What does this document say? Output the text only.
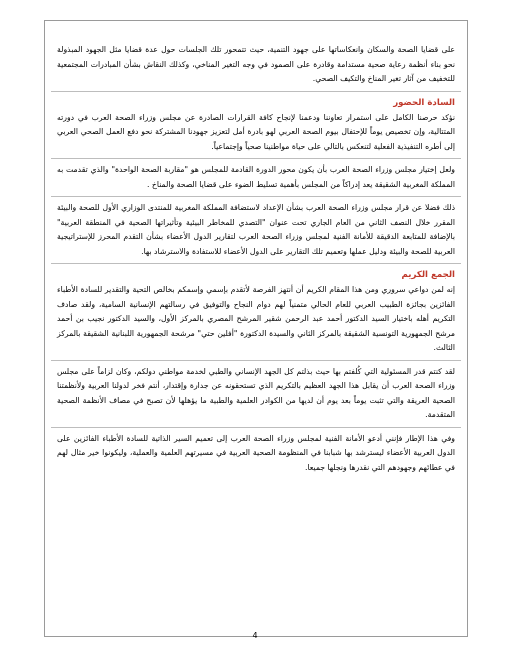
على قضايا الصحة والسكان وانعكاساتها على جهود التنمية، حيث تتمحور تلك الجلسات حول عدة قضايا مثل الجهود المبذولة نحو بناء أنظمة رعاية صحية مستدامة وقادرة على الصمود في وجه التغير المناخي، وكذلك النقاش بشأن المبادرات المجتمعية للتخفيف من آثار تغير المناخ والتكيف الصحي.

السادة الحضور

نؤكد حرصنا الكامل على استمرار تعاوننا ودعمنا لإنجاح كافة القرارات الصادرة عن مجلس وزراء الصحة العرب في دورته المتتالية، وإن تخصيص يوماً للإحتفال بيوم الصحة العربي لهو بادرة أمل لتعزيز جهودنا المشتركة نحو دفع العمل الصحي العربي إلى أطره التنفيذية الفعلية لتنعكس بالتالي على حياة مواطنينا صحياً وإجتماعياً.

ولعل إختيار مجلس وزراء الصحة العرب بأن يكون محور الدورة القادمة للمجلس هو "مقاربة الصحة الواحدة" والذي تقدمت به المملكة المغربية الشقيقة يعد إدراكاً من المجلس بأهمية تسليط الضوء على قضايا الصحة والمناخ .

ذلك فضلا عن قرار مجلس وزراء الصحة العرب بشأن الإعداد لاستضافة المملكة المغربية للمنتدى الوزاري الأول للصحة والبيئة المقرر خلال النصف الثاني من العام الجاري تحت عنوان "التصدي للمخاطر البيئية وتأثيراتها الصحية في المنطقة العربية" بالإضافة للمتابعة الدقيقة للأمانة الفنية لمجلس وزراء الصحة العرب لتقارير الدول الأعضاء بشأن التقدم المحرز للإستراتيجية العربية للصحة والبيئة ودليل عملها وتعميم تلك التقارير على الدول الأعضاء للاستفادة والاسترشاد بها.

الجمع الكريم

إنه لمن دواعي سروري ومن هذا المقام الكريم أن أنتهز الفرصة لأتقدم بإسمي وإسمكم بخالص التحية والتقدير للسادة الأطباء الفائزين بجائزة الطبيب العربي للعام الحالي متمنياً لهم دوام النجاح والتوفيق في رسالتهم الإنسانية السامية، ولقد صادف التكريم أهله باختيار السيد الدكتور أحمد عبد الرحمن شقير المرشح المصري بالمركز الأول، والسيد الدكتور نجيب بن أحمد مرشح الجمهورية التونسية الشقيقة بالمركز الثاني والسيدة الدكتورة "أفلين حتي" مرشحة الجمهورية اللبنانية الشقيقة بالمركز الثالث.

لقد كنتم قدر المسئولية التي كُلفتم بها حيث بذلتم كل الجهد الإنساني والطبي لخدمة مواطني دولكم، وكان لزاماً على مجلس وزراء الصحة العرب أن يقابل هذا الجهد العظيم بالتكريم الذي تستحقونه عن جدارة وإقتدار، أنتم فخر لدولنا العربية ولأنظمتنا الصحية العريقة والتي تثبت يوماً بعد يوم أن لديها من الكوادر العلمية والطبية ما يؤهلها لأن تصبح في مصاف الأنظمة الصحية المتقدمة.

وفي هذا الإطار فإنني أدعو الأمانة الفنية لمجلس وزراء الصحة العرب إلى تعميم السير الذاتية للسادة الأطباء الفائزين على الدول العربية الأعضاء ليسترشد بها شبابنا في المنظومة الصحية العربية في مسيرتهم العلمية والعملية، وليكونوا خير مثال لهم في عطائهم وجهودهم التي نقدرها ونجلها جميعا.

4
